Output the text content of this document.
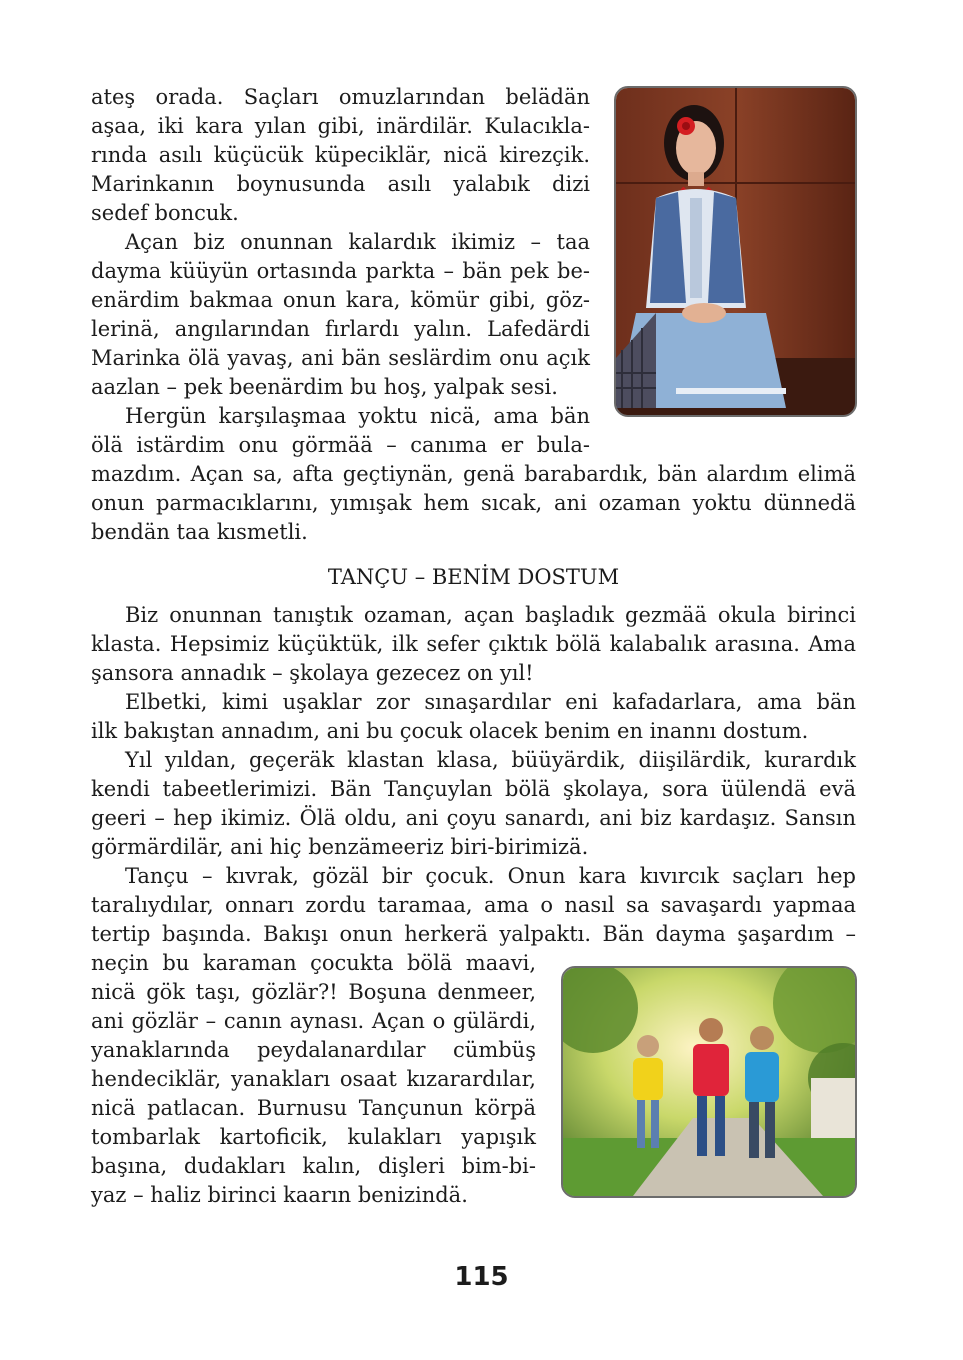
ateş orada. Saçları omuzlarından belädän

aşaa, iki kara yılan gibi, inärdilär. Kulacıkla-

rında asılı küçücük küpeciklär, nicä kirezçik.

Marinkanın boynusunda asılı yalabık dizi

sedef boncuk.

Açan biz onunnan kalardık ikimiz – taa

dayma küüyün ortasında parkta – bän pek be-

enärdim bakmaa onun kara, kömür gibi, göz-

lerinä, angılarından fırlardı yalın. Lafedärdi

Marinka ölä yavaş, ani bän seslärdim onu açık

aazlan – pek beenärdim bu hoş, yalpak sesi.

Hergün karşılaşmaa yoktu nicä, ama bän

ölä istärdim onu görmää – canıma er bula-

mazdım. Açan sa, afta geçtiynän, genä barabardık, bän alardım elimä

onun parmacıklarını, yımışak hem sıcak, ani ozaman yoktu dünnedä

bendän taa kısmetli.

TANÇU – BENİM DOSTUM

Biz onunnan tanıştık ozaman, açan başladık gezmää okula birinci

klasta. Hepsimiz küçüktük, ilk sefer çıktık bölä kalabalık arasına. Ama

şansora annadık – şkolaya gezecez on yıl!

Elbetki, kimi uşaklar zor sınaşardılar eni kafadarlara, ama bän

ilk bakıştan annadım, ani bu çocuk olacek benim en inannı dostum.

Yıl yıldan, geçeräk klastan klasa, büüyärdik, diişilärdik, kurardık

kendi tabeetlerimizi. Bän Tançuylan bölä şkolaya, sora üülendä evä

geeri – hep ikimiz. Ölä oldu, ani çoyu sanardı, ani biz kardaşız. Sansın

görmärdilär, ani hiç benzämeeriz biri-birimizä.

Tançu – kıvrak, gözäl bir çocuk. Onun kara kıvırcık saçları hep

taralıydılar, onnarı zordu taramaa, ama o nasıl sa savaşardı yapmaa

tertip başında. Bakışı onun herkerä yalpaktı. Bän dayma şaşardım –

neçin bu karaman çocukta bölä maavi,

nicä gök taşı, gözlär?! Boşuna denmeer,

ani gözlär – canın aynası. Açan o gülärdi,

yanaklarında peydalanardılar cümbüş

hendeciklär, yanakları osaat kızarardılar,

nicä patlacan. Burnusu Tançunun körpä

tombarlak kartoficik, kulakları yapışık

başına, dudakları kalın, dişleri bim-bi-

yaz – haliz birinci kaarın benizindä.

115
